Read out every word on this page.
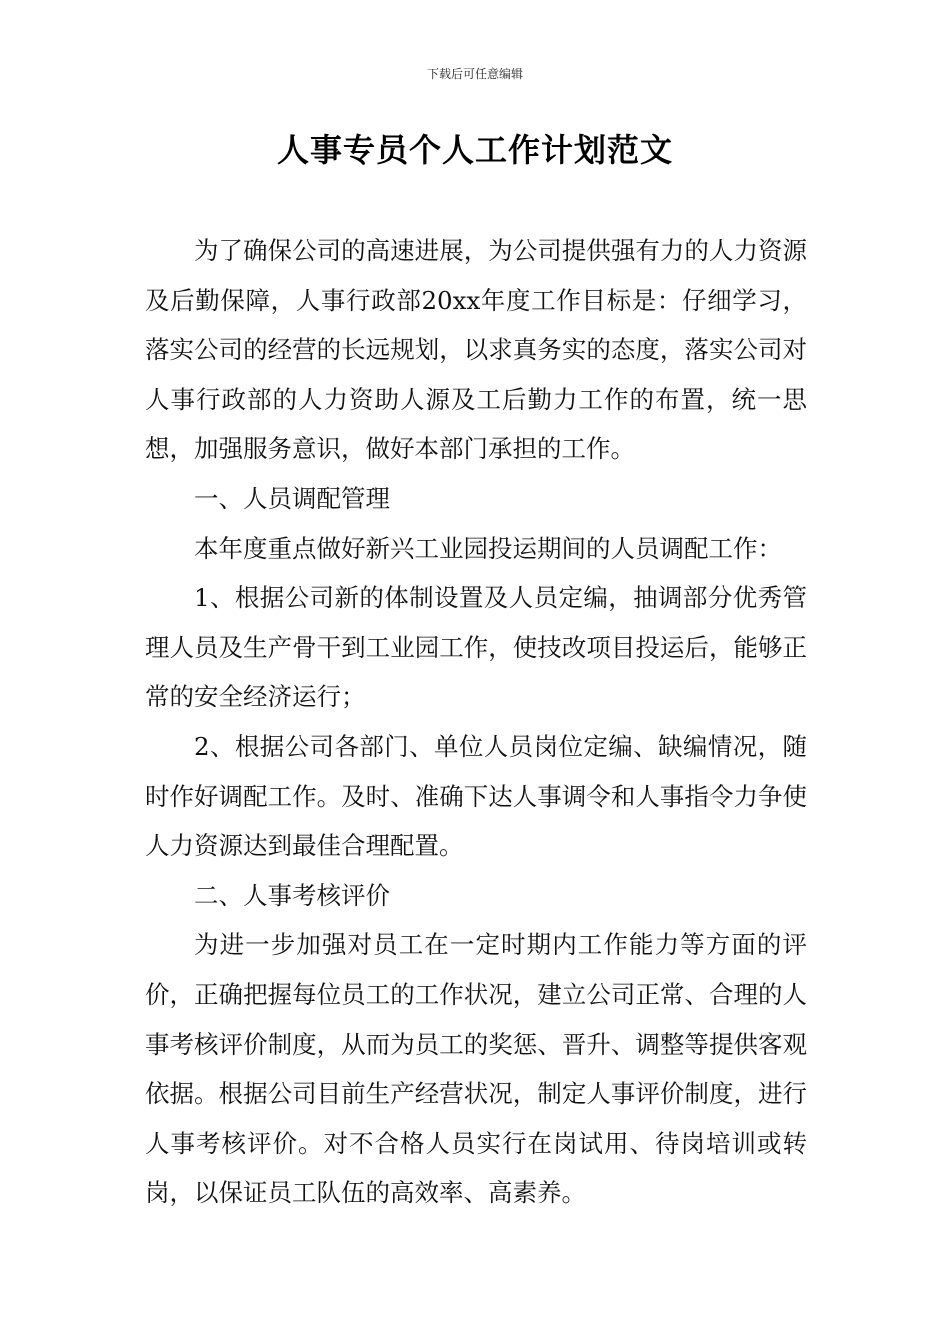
下载后可任意编辑
人事专员个人工作计划范文

为了确保公司的高速进展，为公司提供强有力的人力资源及后勤保障，人事行政部20xx年度工作目标是：仔细学习，落实公司的经营的长远规划，以求真务实的态度，落实公司对人事行政部的人力资助人源及工后勤力工作的布置，统一思想，加强服务意识，做好本部门承担的工作。

一、人员调配管理

本年度重点做好新兴工业园投运期间的人员调配工作：

1、根据公司新的体制设置及人员定编，抽调部分优秀管理人员及生产骨干到工业园工作，使技改项目投运后，能够正常的安全经济运行；

2、根据公司各部门、单位人员岗位定编、缺编情况，随时作好调配工作。及时、准确下达人事调令和人事指令力争使人力资源达到最佳合理配置。

二、人事考核评价

为进一步加强对员工在一定时期内工作能力等方面的评价，正确把握每位员工的工作状况，建立公司正常、合理的人事考核评价制度，从而为员工的奖惩、晋升、调整等提供客观依据。根据公司目前生产经营状况，制定人事评价制度，进行人事考核评价。对不合格人员实行在岗试用、待岗培训或转岗，以保证员工队伍的高效率、高素养。
